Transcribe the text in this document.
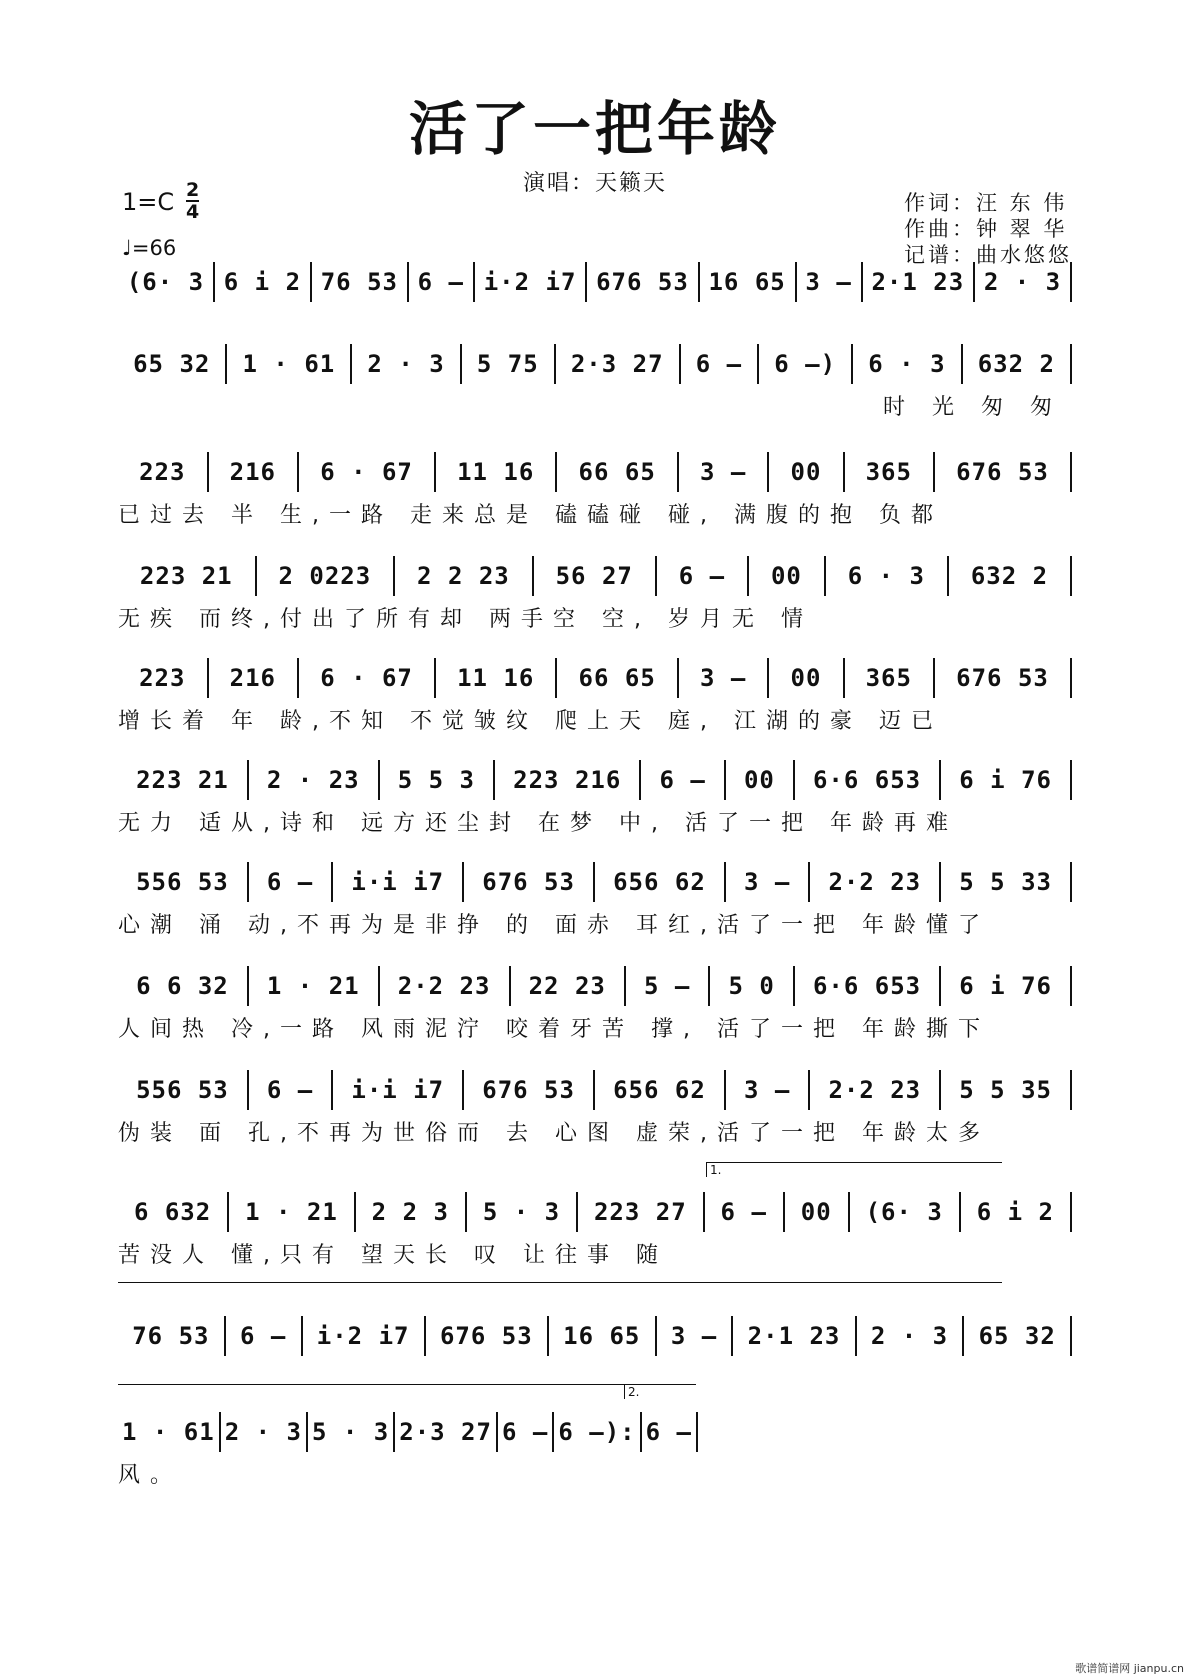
活了一把年龄
演唱：天籁天
$1=C \frac{2}{4}$
♩=66
作词：汪 东 伟
作曲：钟 翠 华
记谱：曲水悠悠
(6· 3 6 i 2 76 53 6 – i·2 i7 676 53 16 65 3 – 2·1 23 2 · 3
65 32	1 · 61	2 · 3	5 75	2·3 27	6 –	6 –)	6 · 3	632 2
时 光 匆 匆
223	216	6 · 67	11 16	66 65	3 –	00	365	676 53
已过去 半 生,一路 走来总是 磕磕碰 碰, 满腹的抱 负都
223 21	2 0223	2 2 23	56 27	6 –	00	6 · 3	632 2
无疾 而终,付出了所有却 两手空 空, 岁月无 情
223	216	6 · 67	11 16	66 65	3 –	00	365	676 53
增长着 年 龄,不知 不觉皱纹 爬上天 庭, 江湖的豪 迈已
223 21	2 · 23	5 5 3	223 216	6 –	00	6·6 653	6 i 76
无力 适从,诗和 远方还尘封 在梦 中, 活了一把 年龄再难
556 53	6 –	i·i i7	676 53	656 62	3 –	2·2 23	5 5 33
心潮 涌 动,不再为是非挣 的 面赤 耳红,活了一把 年龄懂了
6 6 32	1 · 21	2·2 23	22 23	5 –	5 0	6·6 653	6 i 76
人间热 冷,一路 风雨泥泞 咬着牙苦 撑, 活了一把 年龄撕下
556 53	6 –	i·i i7	676 53	656 62	3 –	2·2 23	5 5 35
伪装 面 孔,不再为世俗而 去 心图 虚荣,活了一把 年龄太多
6 632	1 · 21	2 2 3	5 · 3	223 27	6 –	00	(6· 3	6 i 2
苦没人 懂,只有 望天长 叹 让往事 随
76 53	6 –	i·2 i7	676 53	16 65	3 –	2·1 23	2 · 3	65 32
1 · 61 2 · 3 5 · 3 2·3 27 6 – 6 –): 6 –
风。
1.
2.
歌谱简谱网 jianpu.cn
